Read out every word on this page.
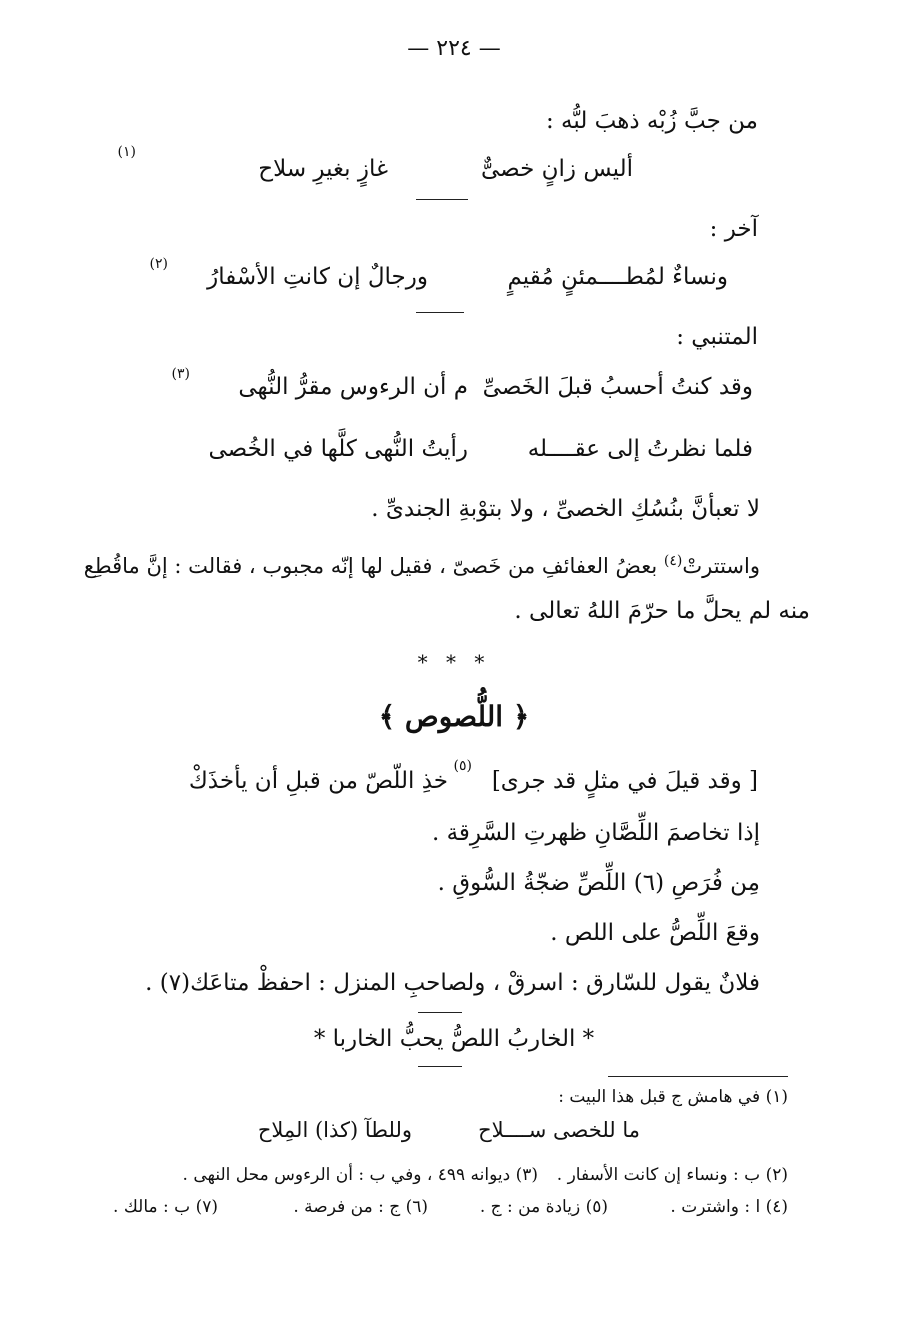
— ٢٢٤ —
من جبَّ زُبْه ذهبَ لبُّه :
أليس زانٍ خصىٌّ
غازٍ بغيرِ سلاح
(١)
آخر :
ونساءٌ لمُطــــمئنٍ مُقيمٍ
ورجالٌ إن كانتِ الأسْفارُ
(٢)
المتنبي :
وقد كنتُ أحسبُ قبلَ الخَصىِّ
م أن الرءوس مقرُّ النُّهى
(٣)
فلما نظرتُ إلى عقــــله
رأيتُ النُّهى كلَّها في الخُصى
لا تعبأنَّ بنُسُكِ الخصىِّ ، ولا بتوْبةِ الجندىِّ .
واستترتْ$^{(٤)}$ بعضُ العفائفِ من خَصىّ ، فقيل لها إنّه مجبوب ، فقالت : إنَّ ماقُطِع
منه لم يحلَّ ما حرّمَ اللهُ تعالى .
* * *
﴿ اللُّصوص ﴾
[ وقد قيلَ في مثلٍ قد جرى]
(٥)
خذِ اللّصّ من قبلِ أن يأخذَكْ
إذا تخاصمَ اللِّصَّانِ ظهرتِ السَّرِقة .
مِن فُرَصِ (٦) اللِّصِّ ضجّةُ السُّوقِ .
وقعَ اللِّصُّ على اللص .
فلانٌ يقول للسّارق : اسرقْ ، ولصاحبِ المنزل : احفظْ متاعَك(٧) .
* الخاربُ اللصُّ يحبُّ الخاربا *
(١) في هامش ج قبل هذا البيت :
ما للخصى ســــلاح
وللطآ (كذا) المِلاح
(٢) ب : ونساء إن كانت الأسفار .
(٣) ديوانه ٤٩٩ ، وفي ب : أن الرءوس محل النهى .
(٤) ا : واشترت .
(٥) زيادة من : ج .
(٦) ج : من فرصة .
(٧) ب : مالك .
